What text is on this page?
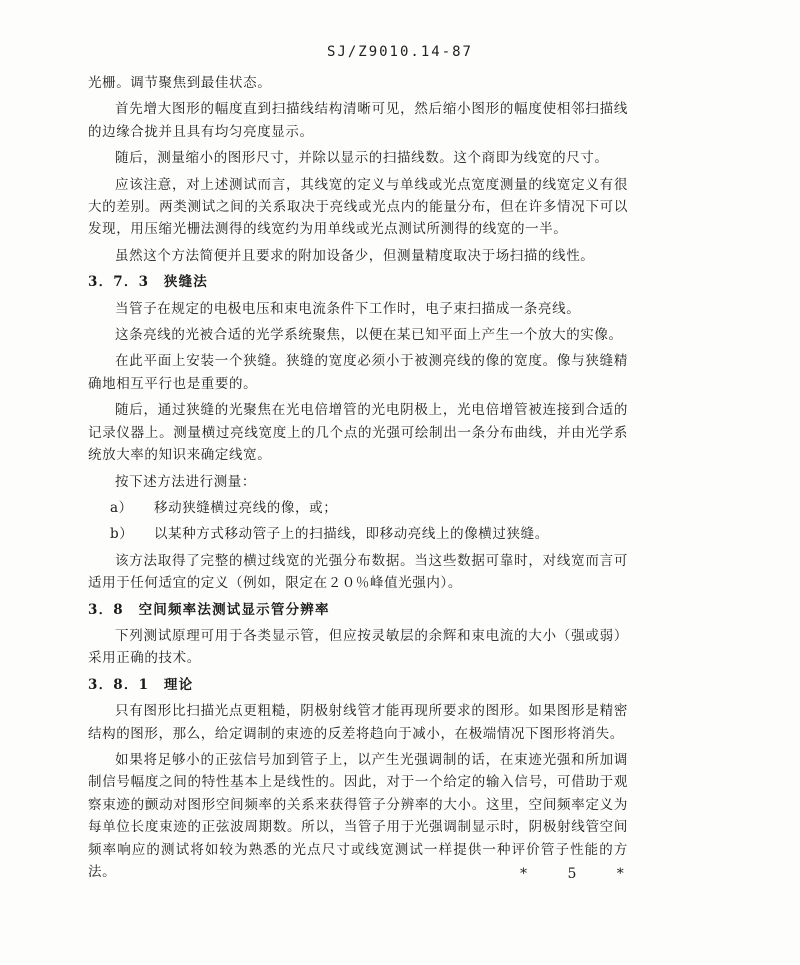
SJ/Z9010.14-87

光栅。调节聚焦到最佳状态。

首先增大图形的幅度直到扫描线结构清晰可见，然后缩小图形的幅度使相邻扫描线的边缘合拢并且具有均匀亮度显示。

随后，测量缩小的图形尺寸，并除以显示的扫描线数。这个商即为线宽的尺寸。

应该注意，对上述测试而言，其线宽的定义与单线或光点宽度测量的线宽定义有很大的差别。两类测试之间的关系取决于亮线或光点内的能量分布，但在许多情况下可以发现，用压缩光栅法测得的线宽约为用单线或光点测试所测得的线宽的一半。

虽然这个方法简便并且要求的附加设备少，但测量精度取决于场扫描的线性。

3．7．3　狭缝法

当管子在规定的电极电压和束电流条件下工作时，电子束扫描成一条亮线。

这条亮线的光被合适的光学系统聚焦，以便在某已知平面上产生一个放大的实像。

在此平面上安装一个狭缝。狭缝的宽度必须小于被测亮线的像的宽度。像与狭缝精确地相互平行也是重要的。

随后，通过狭缝的光聚焦在光电倍增管的光电阴极上，光电倍增管被连接到合适的记录仪器上。测量横过亮线宽度上的几个点的光强可绘制出一条分布曲线，并由光学系统放大率的知识来确定线宽。

按下述方法进行测量：

a） 移动狭缝横过亮线的像，或；

b） 以某种方式移动管子上的扫描线，即移动亮线上的像横过狭缝。

该方法取得了完整的横过线宽的光强分布数据。当这些数据可靠时，对线宽而言可适用于任何适宜的定义（例如，限定在２０％峰值光强内）。

3．8　空间频率法测试显示管分辨率

下列测试原理可用于各类显示管，但应按灵敏层的余辉和束电流的大小（强或弱）采用正确的技术。

3．8．1　理论

只有图形比扫描光点更粗糙，阴极射线管才能再现所要求的图形。如果图形是精密结构的图形，那么，给定调制的束迹的反差将趋向于减小，在极端情况下图形将消失。

如果将足够小的正弦信号加到管子上，以产生光强调制的话，在束迹光强和所加调制信号幅度之间的特性基本上是线性的。因此，对于一个给定的输入信号，可借助于观察束迹的颤动对图形空间频率的关系来获得管子分辨率的大小。这里，空间频率定义为每单位长度束迹的正弦波周期数。所以，当管子用于光强调制显示时，阴极射线管空间频率响应的测试将如较为熟悉的光点尺寸或线宽测试一样提供一种评价管子性能的方法。	* 5 *
